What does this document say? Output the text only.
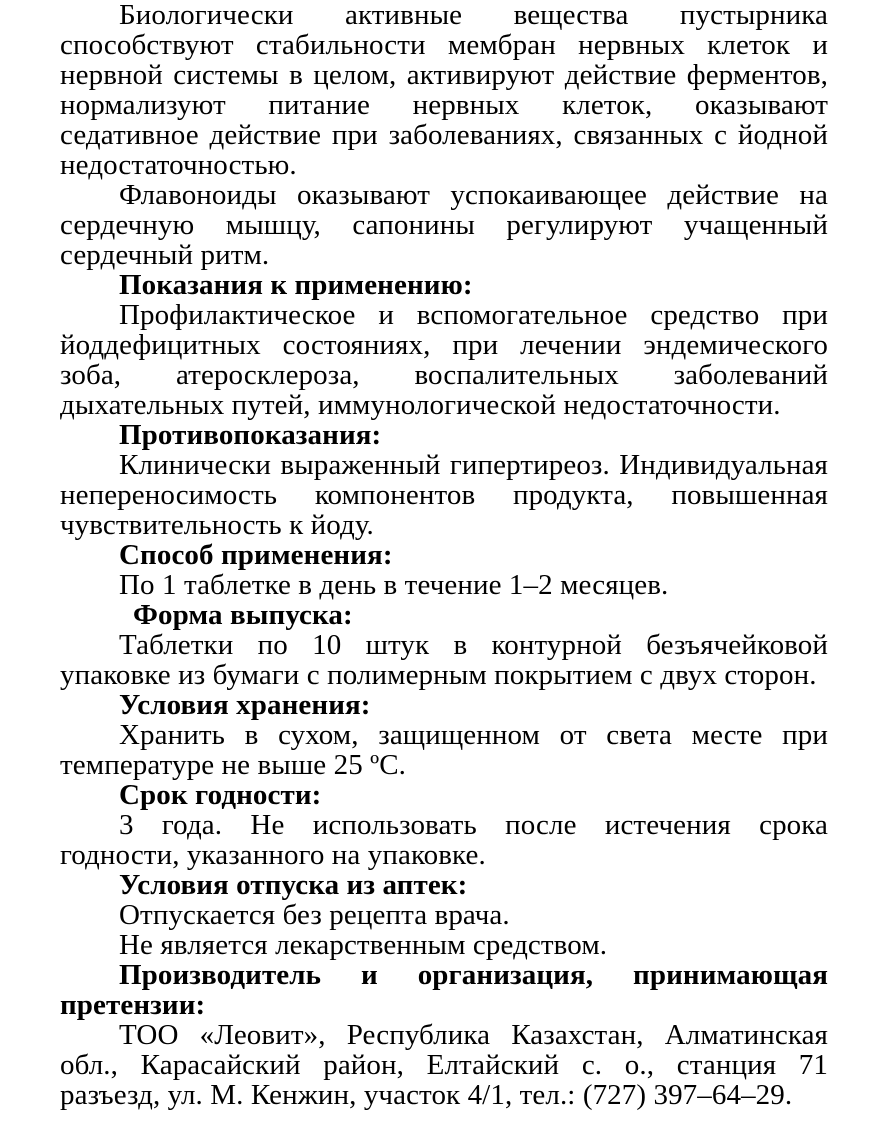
Биологически активные вещества пустырника способствуют стабильности мембран нервных клеток и нервной системы в целом, активируют действие ферментов, нормализуют питание нервных клеток, оказывают седативное действие при заболеваниях, связанных с йодной недостаточностью.

Флавоноиды оказывают успокаивающее действие на сердечную мышцу, сапонины регулируют учащенный сердечный ритм.

Показания к применению:

Профилактическое и вспомогательное средство при йоддефицитных состояниях, при лечении эндемического зоба, атеросклероза, воспалительных заболеваний дыхательных путей, иммунологической недостаточности.

Противопоказания:

Клинически выраженный гипертиреоз. Индивидуальная непереносимость компонентов продукта, повышенная чувствительность к йоду.

Способ применения:

По 1 таблетке в день в течение 1–2 месяцев.

Форма выпуска:

Таблетки по 10 штук в контурной безъячейковой упаковке из бумаги с полимерным покрытием с двух сторон.

Условия хранения:

Хранить в сухом, защищенном от света месте при температуре не выше 25 ºС.

Срок годности:

3 года. Не использовать после истечения срока годности, указанного на упаковке.

Условия отпуска из аптек:

Отпускается без рецепта врача.

Не является лекарственным средством.

Производитель и организация, принимающая претензии:

ТОО «Леовит», Республика Казахстан, Алматинская обл., Карасайский район, Елтайский с. о., станция 71 разъезд, ул. М. Кенжин, участок 4/1, тел.: (727) 397–64–29.
